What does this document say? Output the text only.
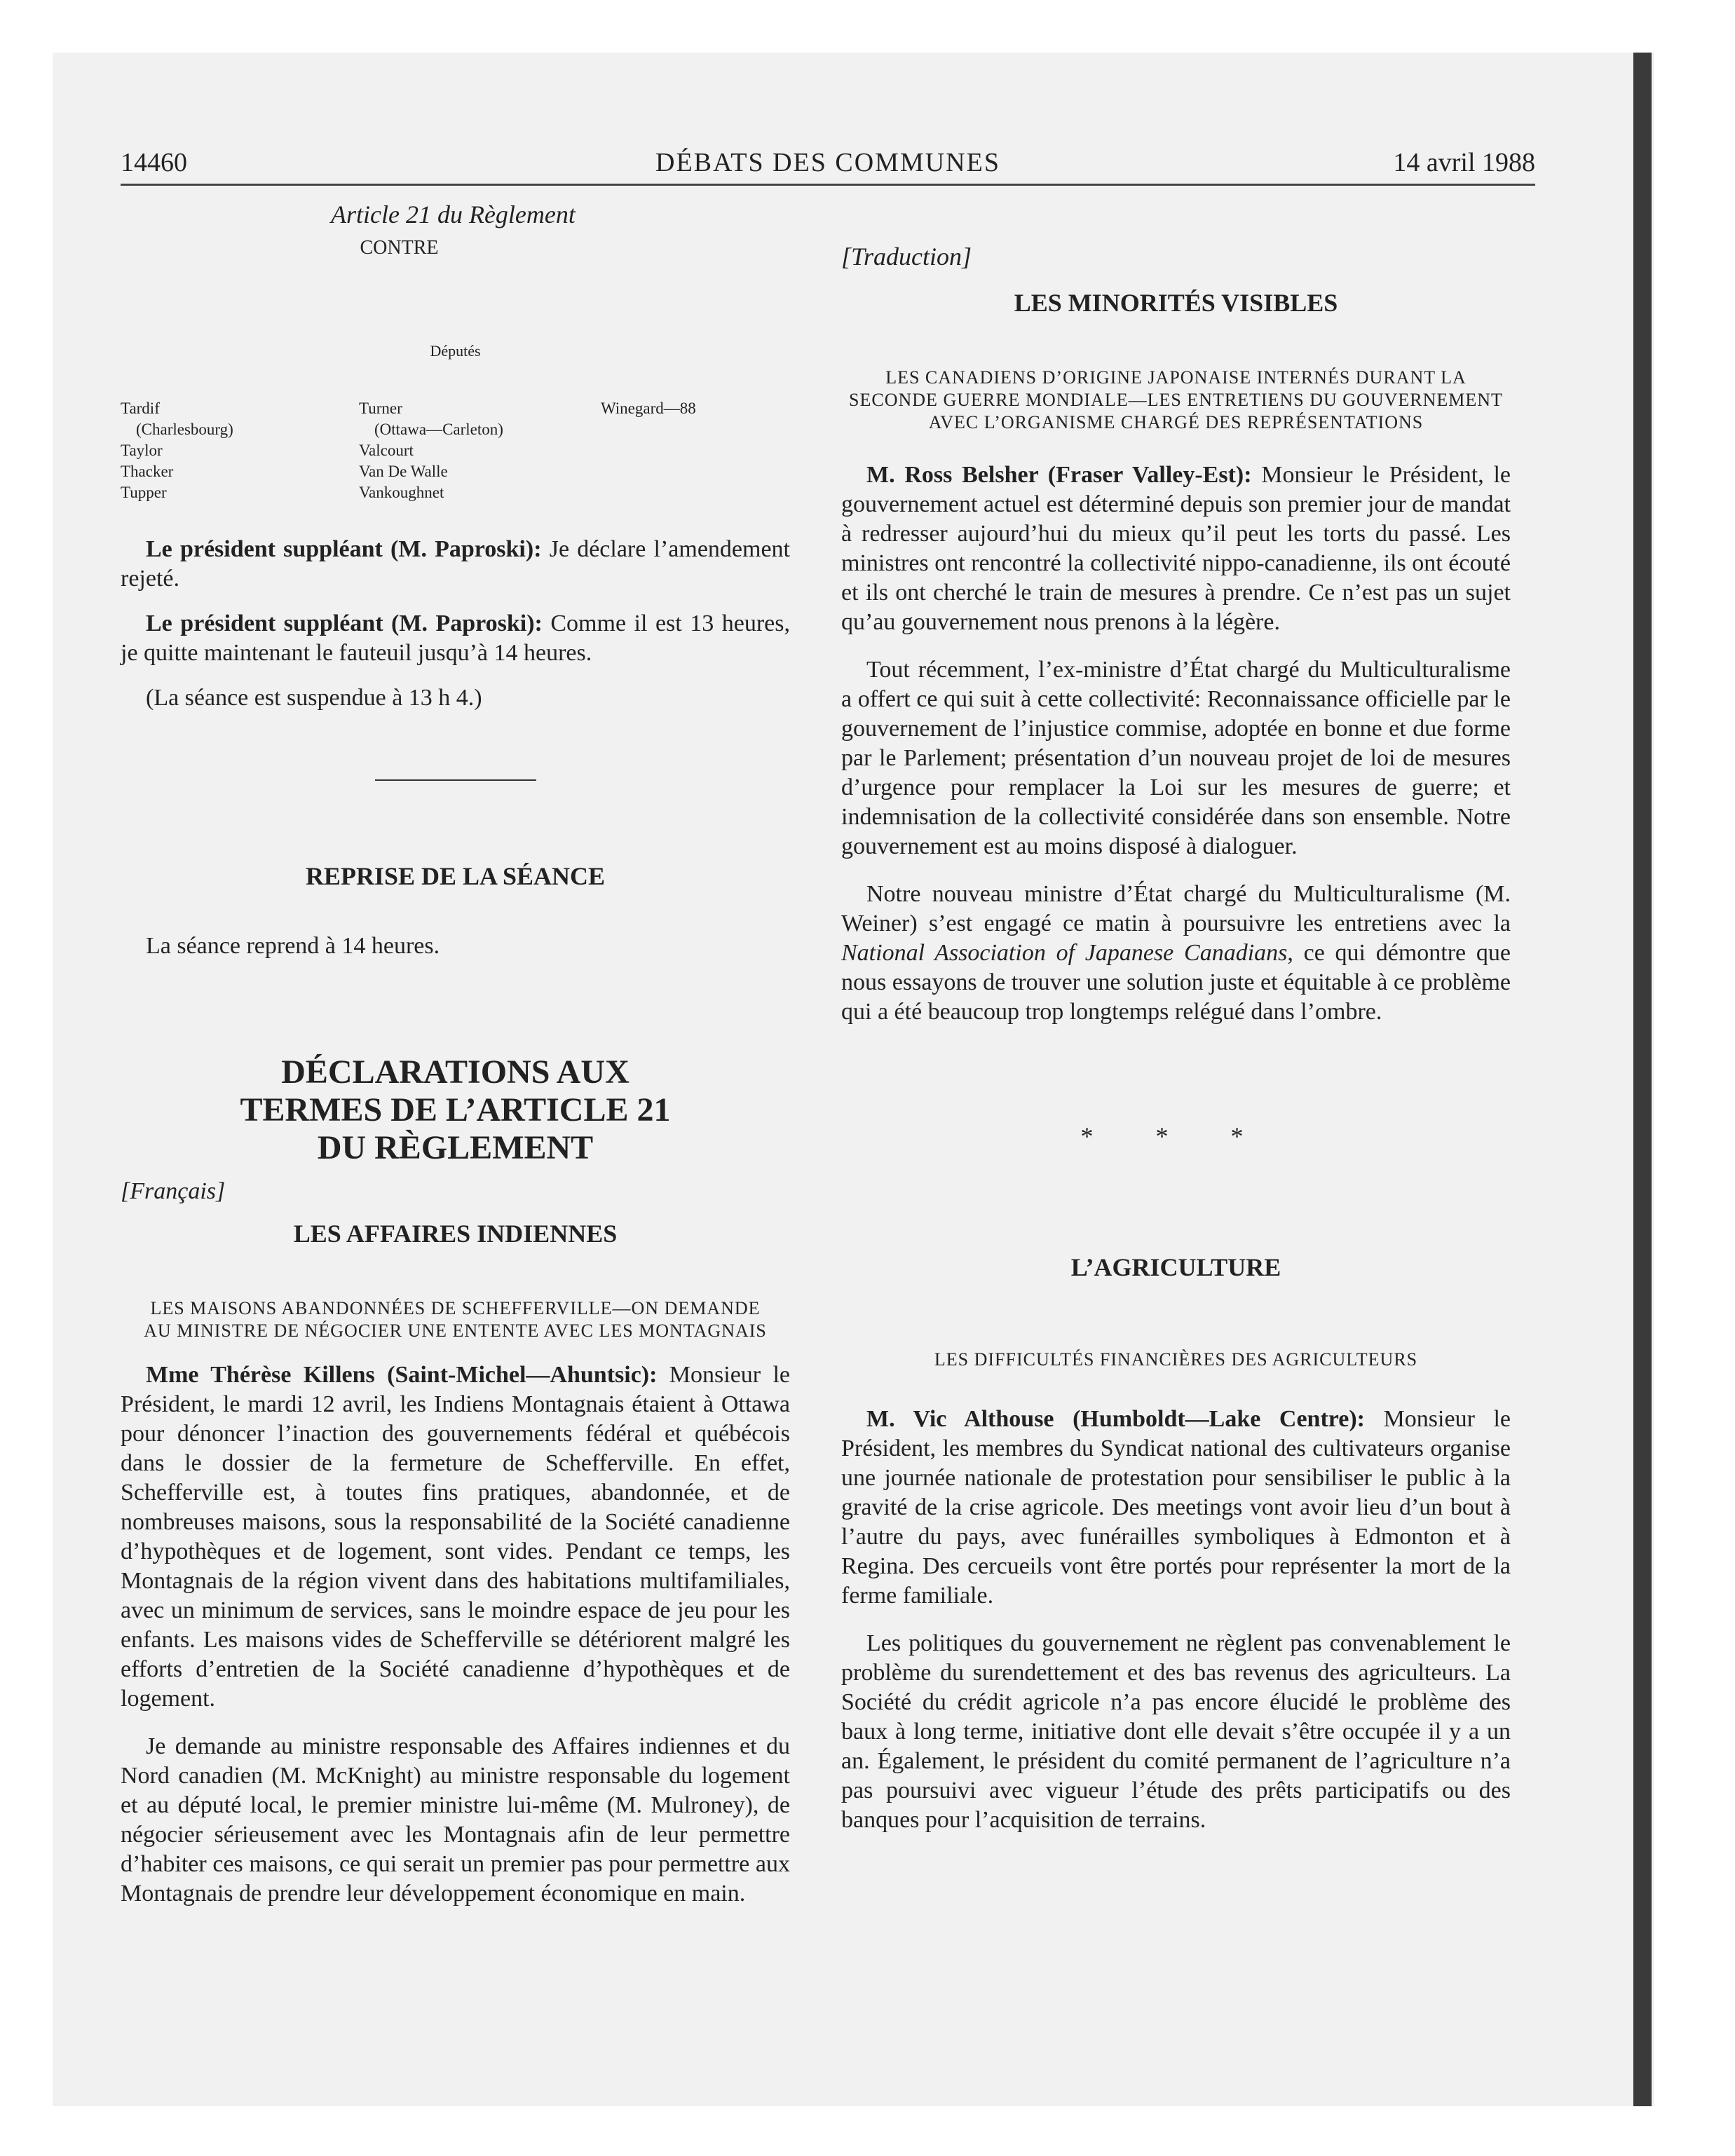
14460	DÉBATS DES COMMUNES	14 avril 1988
Article 21 du Règlement
CONTRE
Députés
Tardif
(Charlesbourg)
Taylor
Thacker
Tupper
Turner
(Ottawa—Carleton)
Valcourt
Van De Walle
Vankoughnet
Winegard—88

Le président suppléant (M. Paproski): Je déclare l’amendement rejeté.

Le président suppléant (M. Paproski): Comme il est 13 heures, je quitte maintenant le fauteuil jusqu’à 14 heures.

(La séance est suspendue à 13 h 4.)

REPRISE DE LA SÉANCE

La séance reprend à 14 heures.

DÉCLARATIONS AUX TERMES DE L’ARTICLE 21 DU RÈGLEMENT
[Français]
LES AFFAIRES INDIENNES
LES MAISONS ABANDONNÉES DE SCHEFFERVILLE—ON DEMANDE AU MINISTRE DE NÉGOCIER UNE ENTENTE AVEC LES MONTAGNAIS

Mme Thérèse Killens (Saint-Michel—Ahuntsic): Monsieur le Président, le mardi 12 avril, les Indiens Montagnais étaient à Ottawa pour dénoncer l’inaction des gouvernements fédéral et québécois dans le dossier de la fermeture de Schefferville. En effet, Schefferville est, à toutes fins pratiques, abandonnée, et de nombreuses maisons, sous la responsabilité de la Société canadienne d’hypothèques et de logement, sont vides. Pendant ce temps, les Montagnais de la région vivent dans des habitations multifamiliales, avec un minimum de services, sans le moindre espace de jeu pour les enfants. Les maisons vides de Schefferville se détériorent malgré les efforts d’entretien de la Société canadienne d’hypothèques et de logement.

Je demande au ministre responsable des Affaires indiennes et du Nord canadien (M. McKnight) au ministre responsable du logement et au député local, le premier ministre lui-même (M. Mulroney), de négocier sérieusement avec les Montagnais afin de leur permettre d’habiter ces maisons, ce qui serait un premier pas pour permettre aux Montagnais de prendre leur développement économique en main.

[Traduction]
LES MINORITÉS VISIBLES
LES CANADIENS D’ORIGINE JAPONAISE INTERNÉS DURANT LA SECONDE GUERRE MONDIALE—LES ENTRETIENS DU GOUVERNEMENT AVEC L’ORGANISME CHARGÉ DES REPRÉSENTATIONS

M. Ross Belsher (Fraser Valley-Est): Monsieur le Président, le gouvernement actuel est déterminé depuis son premier jour de mandat à redresser aujourd’hui du mieux qu’il peut les torts du passé. Les ministres ont rencontré la collectivité nippo-canadienne, ils ont écouté et ils ont cherché le train de mesures à prendre. Ce n’est pas un sujet qu’au gouvernement nous prenons à la légère.

Tout récemment, l’ex-ministre d’État chargé du Multiculturalisme a offert ce qui suit à cette collectivité: Reconnaissance officielle par le gouvernement de l’injustice commise, adoptée en bonne et due forme par le Parlement; présentation d’un nouveau projet de loi de mesures d’urgence pour remplacer la Loi sur les mesures de guerre; et indemnisation de la collectivité considérée dans son ensemble. Notre gouvernement est au moins disposé à dialoguer.

Notre nouveau ministre d’État chargé du Multiculturalisme (M. Weiner) s’est engagé ce matin à poursuivre les entretiens avec la National Association of Japanese Canadians, ce qui démontre que nous essayons de trouver une solution juste et équitable à ce problème qui a été beaucoup trop longtemps relégué dans l’ombre.

* * *
L’AGRICULTURE
LES DIFFICULTÉS FINANCIÈRES DES AGRICULTEURS

M. Vic Althouse (Humboldt—Lake Centre): Monsieur le Président, les membres du Syndicat national des cultivateurs organise une journée nationale de protestation pour sensibiliser le public à la gravité de la crise agricole. Des meetings vont avoir lieu d’un bout à l’autre du pays, avec funérailles symboliques à Edmonton et à Regina. Des cercueils vont être portés pour représenter la mort de la ferme familiale.

Les politiques du gouvernement ne règlent pas convenablement le problème du surendettement et des bas revenus des agriculteurs. La Société du crédit agricole n’a pas encore élucidé le problème des baux à long terme, initiative dont elle devait s’être occupée il y a un an. Également, le président du comité permanent de l’agriculture n’a pas poursuivi avec vigueur l’étude des prêts participatifs ou des banques pour l’acquisition de terrains.
